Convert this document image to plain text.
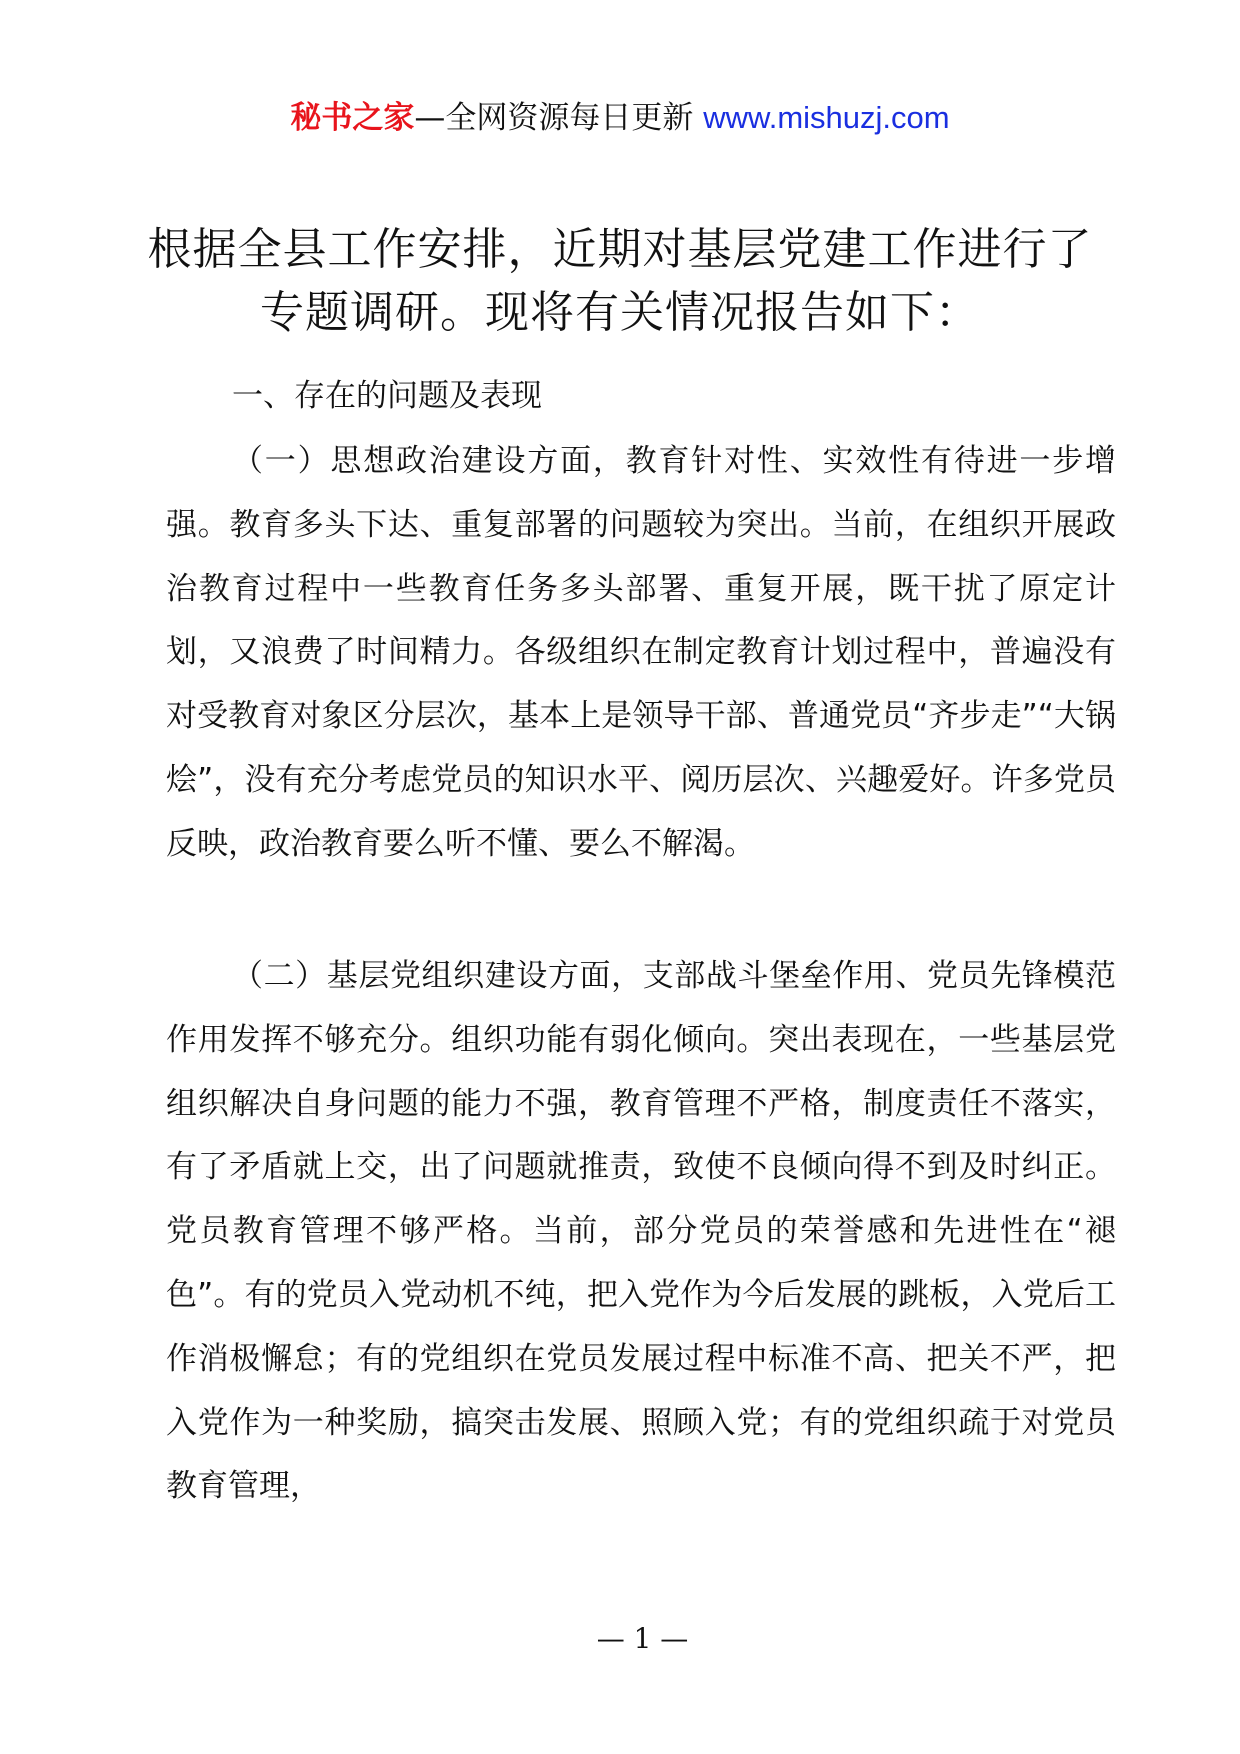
秘书之家—全网资源每日更新 www.mishuzj.com
根据全县工作安排，近期对基层党建工作进行了专题调研。现将有关情况报告如下：
一、存在的问题及表现

（一）思想政治建设方面，教育针对性、实效性有待进一步增强。教育多头下达、重复部署的问题较为突出。当前，在组织开展政治教育过程中一些教育任务多头部署、重复开展，既干扰了原定计划，又浪费了时间精力。各级组织在制定教育计划过程中，普遍没有对受教育对象区分层次，基本上是领导干部、普通党员“齐步走”“大锅烩”，没有充分考虑党员的知识水平、阅历层次、兴趣爱好。许多党员反映，政治教育要么听不懂、要么不解渴。

（二）基层党组织建设方面，支部战斗堡垒作用、党员先锋模范作用发挥不够充分。组织功能有弱化倾向。突出表现在，一些基层党组织解决自身问题的能力不强，教育管理不严格，制度责任不落实，有了矛盾就上交，出了问题就推责，致使不良倾向得不到及时纠正。党员教育管理不够严格。当前，部分党员的荣誉感和先进性在“褪色”。有的党员入党动机不纯，把入党作为今后发展的跳板，入党后工作消极懈怠；有的党组织在党员发展过程中标准不高、把关不严，把入党作为一种奖励，搞突击发展、照顾入党；有的党组织疏于对党员教育管理，

— 1 —
